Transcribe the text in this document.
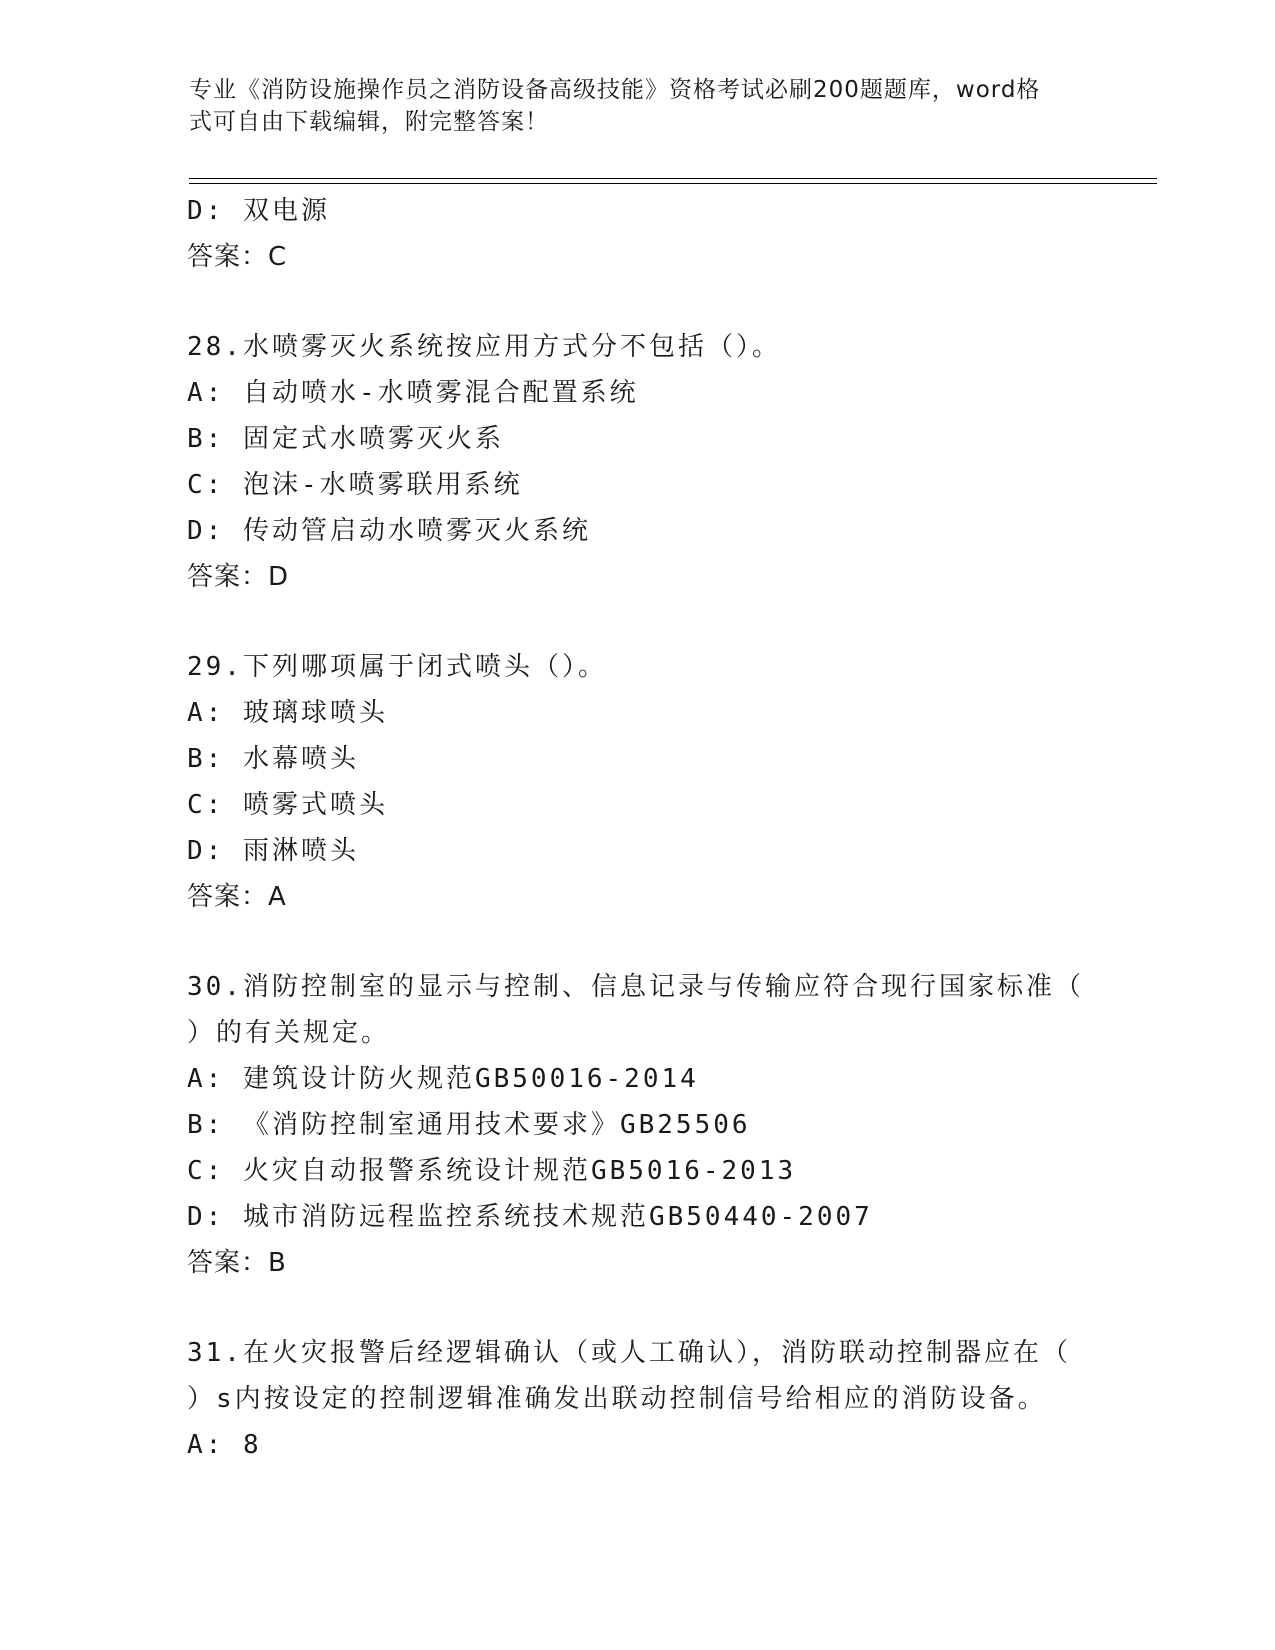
专业《消防设施操作员之消防设备高级技能》资格考试必刷200题题库，word格
式可自由下载编辑，附完整答案！

D: 双电源
答案：C
28.水喷雾灭火系统按应用方式分不包括（）。
A: 自动喷水-水喷雾混合配置系统
B: 固定式水喷雾灭火系
C: 泡沫-水喷雾联用系统
D: 传动管启动水喷雾灭火系统
答案：D
29.下列哪项属于闭式喷头（）。
A: 玻璃球喷头
B: 水幕喷头
C: 喷雾式喷头
D: 雨淋喷头
答案：A
30.消防控制室的显示与控制、信息记录与传输应符合现行国家标准（
）的有关规定。
A: 建筑设计防火规范GB50016-2014
B: 《消防控制室通用技术要求》GB25506
C: 火灾自动报警系统设计规范GB5016-2013
D: 城市消防远程监控系统技术规范GB50440-2007
答案：B
31.在火灾报警后经逻辑确认（或人工确认），消防联动控制器应在（
）s内按设定的控制逻辑准确发出联动控制信号给相应的消防设备。
A: 8
